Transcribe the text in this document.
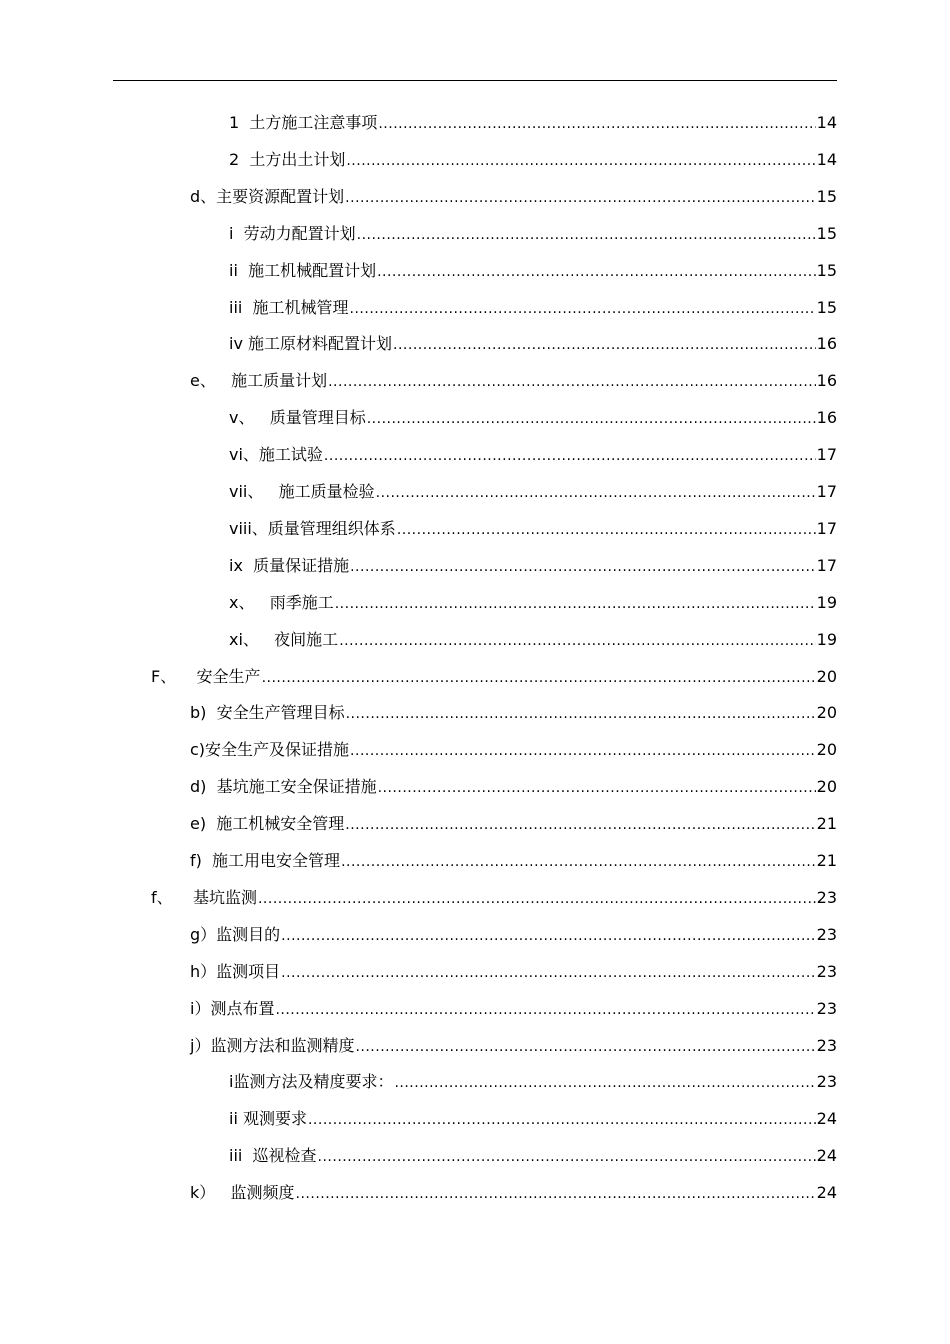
1  土方施工注意事项 .....	14
2  土方出土计划 .....	14
d、主要资源配置计划 .....	15
i  劳动力配置计划 .....	15
ii  施工机械配置计划 .....	15
iii  施工机械管理 .....	15
iv 施工原材料配置计划 .....	16
e、   施工质量计划 .....	16
v、   质量管理目标 .....	16
vi、施工试验 .....	17
vii、   施工质量检验 .....	17
viii、质量管理组织体系 .....	17
ix  质量保证措施 .....	17
x、   雨季施工 .....	19
xi、   夜间施工 .....	19
F、    安全生产 .....	20
b)  安全生产管理目标 .....	20
c)安全生产及保证措施 .....	20
d)  基坑施工安全保证措施 .....	20
e)  施工机械安全管理 .....	21
f)  施工用电安全管理 .....	21
f、    基坑监测 .....	23
g）监测目的 .....	23
h）监测项目 .....	23
i）测点布置 .....	23
j）监测方法和监测精度 .....	23
ⅰ监测方法及精度要求： .....	23
ii 观测要求 .....	24
iii  巡视检查 .....	24
k）   监测频度 .....	24
